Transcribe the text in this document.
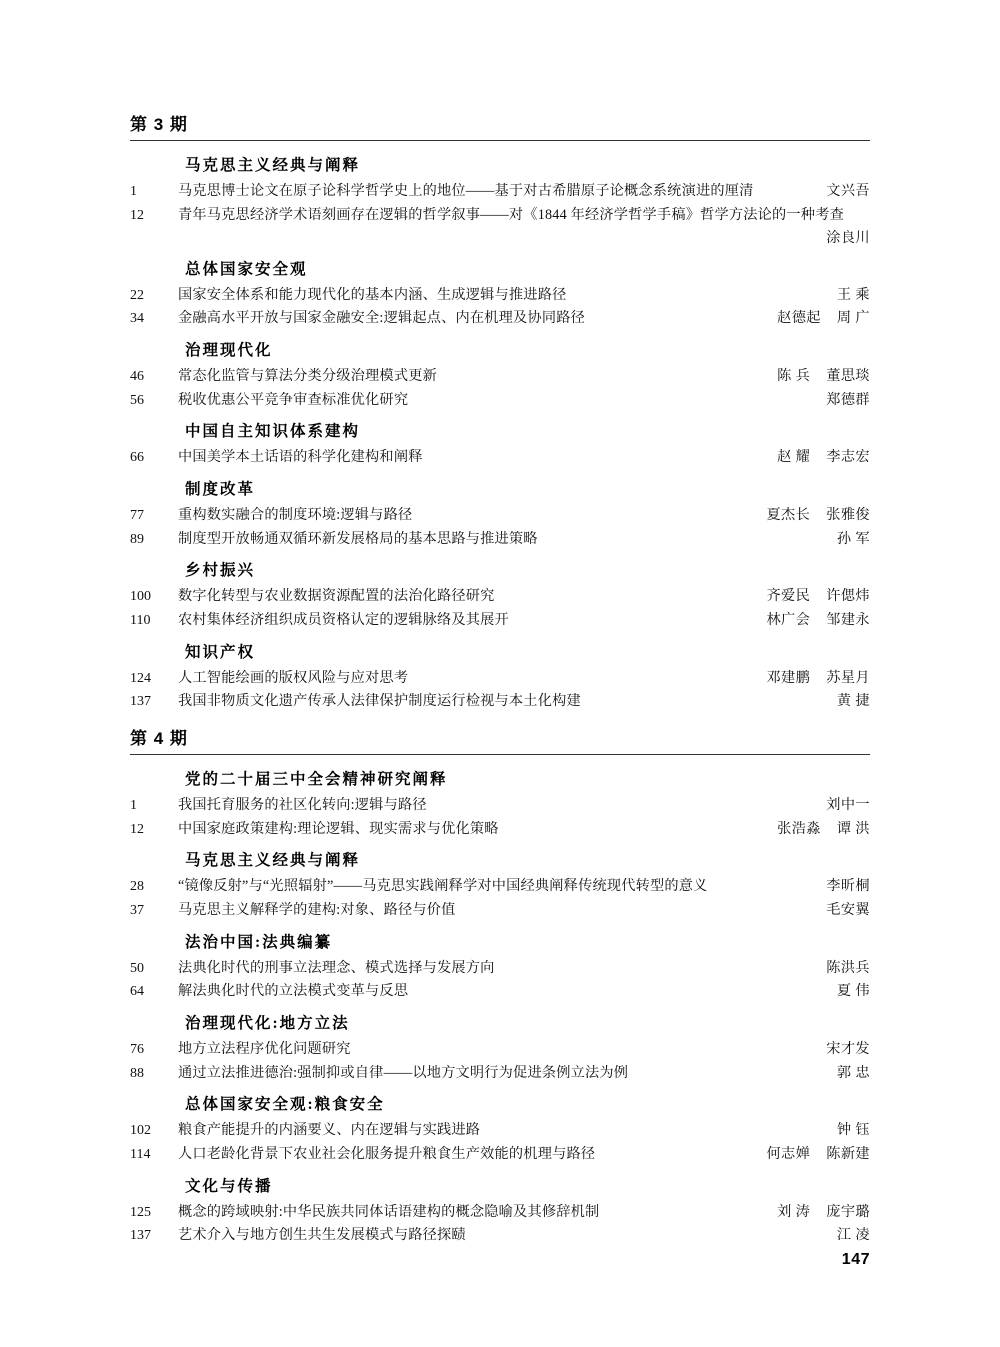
第 3 期
马克思主义经典与阐释
1	马克思博士论文在原子论科学哲学史上的地位——基于对古希腊原子论概念系统演进的厘清	文兴吾
12	青年马克思经济学术语刻画存在逻辑的哲学叙事——对《1844 年经济学哲学手稿》哲学方法论的一种考查
涂良川
总体国家安全观
22	国家安全体系和能力现代化的基本内涵、生成逻辑与推进路径	王 乘
34	金融高水平开放与国家金融安全:逻辑起点、内在机理及协同路径	赵德起 周 广
治理现代化
46	常态化监管与算法分类分级治理模式更新	陈 兵 董思琰
56	税收优惠公平竞争审查标准优化研究	郑德群
中国自主知识体系建构
66	中国美学本土话语的科学化建构和阐释	赵 耀 李志宏
制度改革
77	重构数实融合的制度环境:逻辑与路径	夏杰长 张雅俊
89	制度型开放畅通双循环新发展格局的基本思路与推进策略	孙 军
乡村振兴
100	数字化转型与农业数据资源配置的法治化路径研究	齐爱民 许偲炜
110	农村集体经济组织成员资格认定的逻辑脉络及其展开	林广会 邹建永
知识产权
124	人工智能绘画的版权风险与应对思考	邓建鹏 苏星月
137	我国非物质文化遗产传承人法律保护制度运行检视与本土化构建	黄 捷
第 4 期
党的二十届三中全会精神研究阐释
1	我国托育服务的社区化转向:逻辑与路径	刘中一
12	中国家庭政策建构:理论逻辑、现实需求与优化策略	张浩淼 谭 洪
马克思主义经典与阐释
28	“镜像反射”与“光照辐射”——马克思实践阐释学对中国经典阐释传统现代转型的意义	李昕桐
37	马克思主义解释学的建构:对象、路径与价值	毛安翼
法治中国:法典编纂
50	法典化时代的刑事立法理念、模式选择与发展方向	陈洪兵
64	解法典化时代的立法模式变革与反思	夏 伟
治理现代化:地方立法
76	地方立法程序优化问题研究	宋才发
88	通过立法推进德治:强制抑或自律——以地方文明行为促进条例立法为例	郭 忠
总体国家安全观:粮食安全
102	粮食产能提升的内涵要义、内在逻辑与实践进路	钟 钰
114	人口老龄化背景下农业社会化服务提升粮食生产效能的机理与路径	何志婵 陈新建
文化与传播
125	概念的跨域映射:中华民族共同体话语建构的概念隐喻及其修辞机制	刘 涛 庞宇璐
137	艺术介入与地方创生共生发展模式与路径探赜	江 凌
147
